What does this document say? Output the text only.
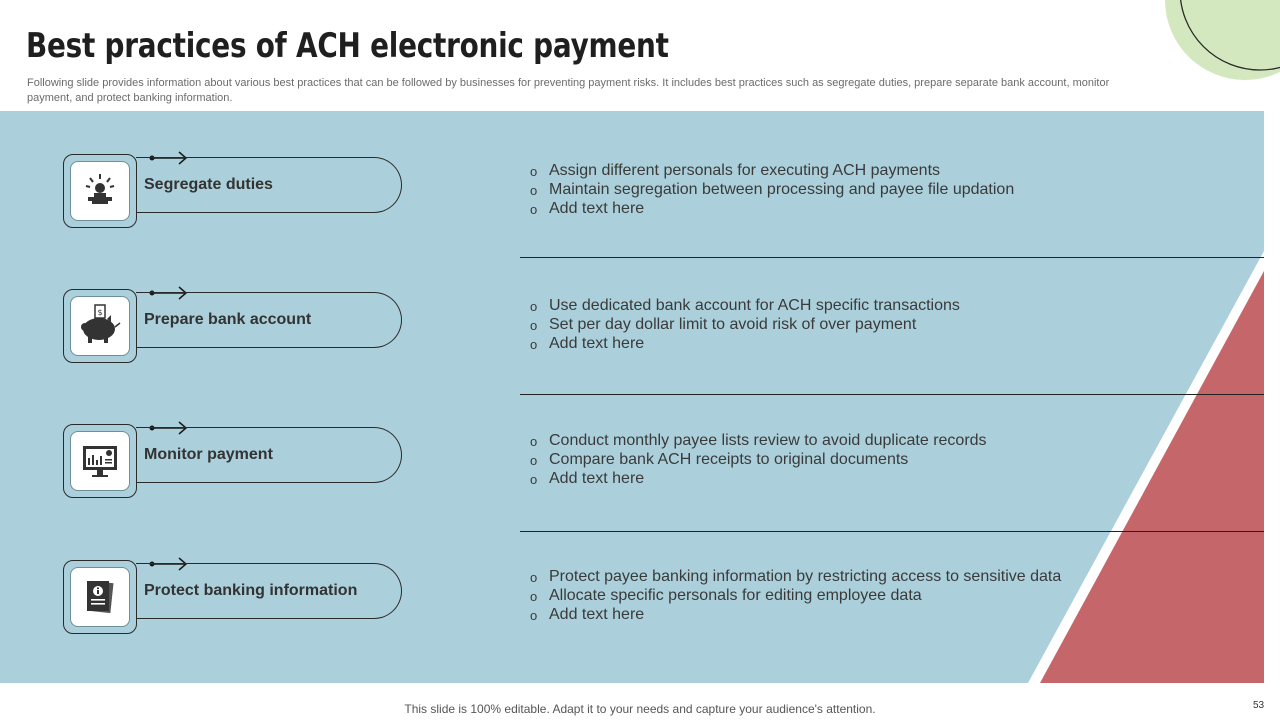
Best practices of ACH electronic payment
Following slide provides information about various best practices that can be followed by businesses for preventing payment risks. It includes best practices such as segregate duties, prepare separate bank account, monitor payment, and protect banking information.
Segregate duties
o Assign different personals for executing ACH payments
o Maintain segregation between processing and payee file updation
o Add text here
$	Prepare bank account
o Use dedicated bank account for ACH specific transactions
o Set per day dollar limit to avoid risk of over payment
o Add text here
Monitor payment
o Conduct monthly payee lists review to avoid duplicate records
o Compare bank ACH receipts to original documents
o Add text here
Protect banking information
o Protect payee banking information by restricting access to sensitive data
o Allocate specific personals for editing employee data
o Add text here
This slide is 100% editable. Adapt it to your needs and capture your audience's attention.	53
